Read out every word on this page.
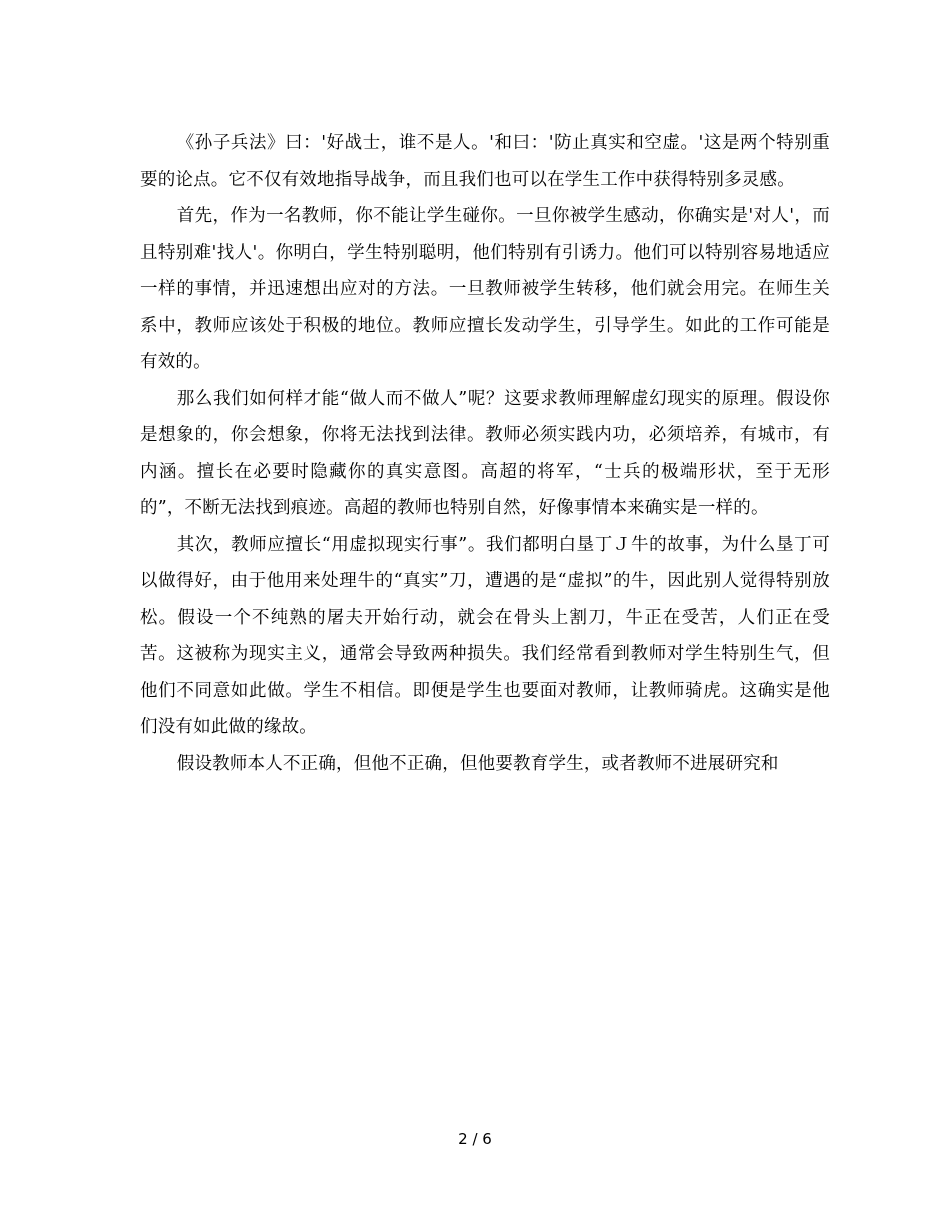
《孙子兵法》曰：'好战士，谁不是人。'和曰：'防止真实和空虚。'这是两个特别重要的论点。它不仅有效地指导战争，而且我们也可以在学生工作中获得特别多灵感。

首先，作为一名教师，你不能让学生碰你。一旦你被学生感动，你确实是'对人'，而且特别难'找人'。你明白，学生特别聪明，他们特别有引诱力。他们可以特别容易地适应一样的事情，并迅速想出应对的方法。一旦教师被学生转移，他们就会用完。在师生关系中，教师应该处于积极的地位。教师应擅长发动学生，引导学生。如此的工作可能是有效的。

那么我们如何样才能“做人而不做人”呢？这要求教师理解虚幻现实的原理。假设你是想象的，你会想象，你将无法找到法律。教师必须实践内功，必须培养，有城市，有内涵。擅长在必要时隐藏你的真实意图。高超的将军，“士兵的极端形状，至于无形的”，不断无法找到痕迹。高超的教师也特别自然，好像事情本来确实是一样的。

其次，教师应擅长“用虚拟现实行事”。我们都明白垦丁Ｊ牛的故事，为什么垦丁可以做得好，由于他用来处理牛的“真实”刀，遭遇的是“虚拟”的牛，因此别人觉得特别放松。假设一个不纯熟的屠夫开始行动，就会在骨头上割刀，牛正在受苦，人们正在受苦。这被称为现实主义，通常会导致两种损失。我们经常看到教师对学生特别生气，但他们不同意如此做。学生不相信。即便是学生也要面对教师，让教师骑虎。这确实是他们没有如此做的缘故。

假设教师本人不正确，但他不正确，但他要教育学生，或者教师不进展研究和

2 / 6
